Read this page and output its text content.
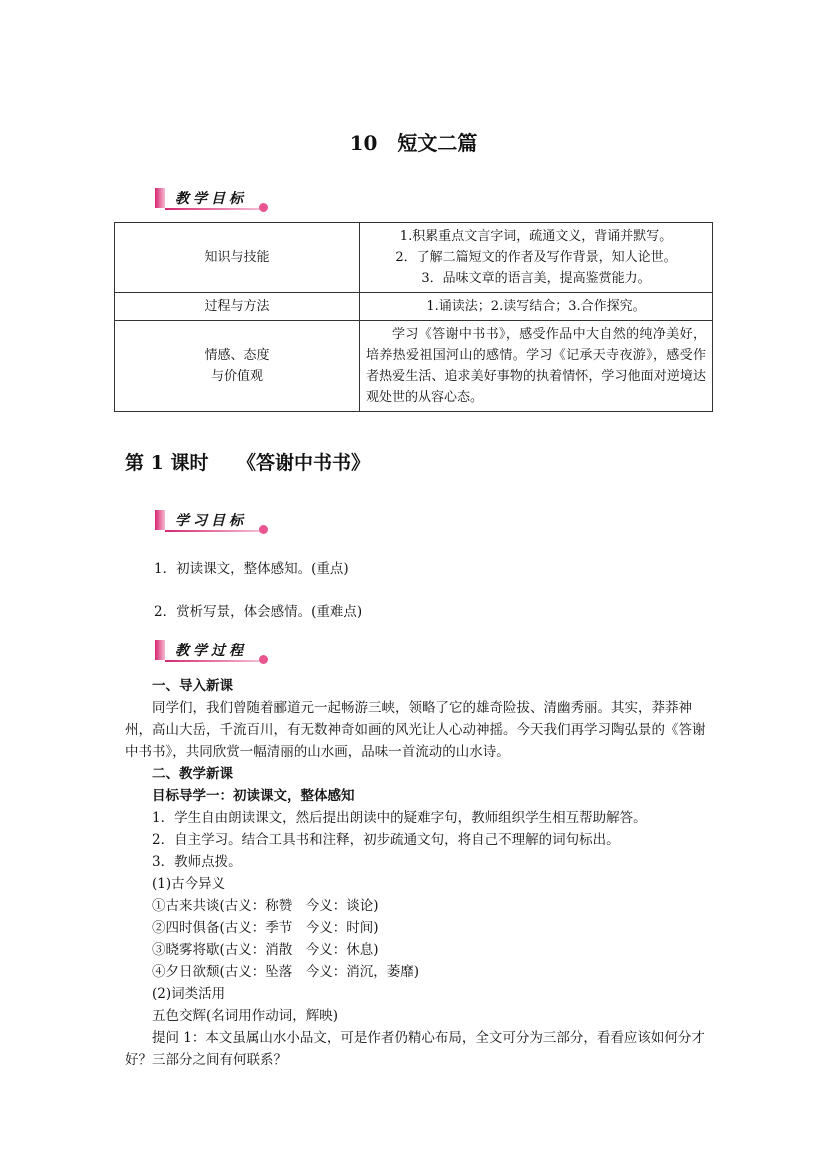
10　短文二篇
教学目标
知识与技能	1.积累重点文言字词，疏通文义，背诵并默写。
2．了解二篇短文的作者及写作背景，知人论世。
3．品味文章的语言美，提高鉴赏能力。

过程与方法	1.诵读法；2.读写结合；3.合作探究。

情感、态度
与价值观	学习《答谢中书书》，感受作品中大自然的纯净美好，培养热爱祖国河山的感情。学习《记承天寺夜游》，感受作者热爱生活、追求美好事物的执着情怀，学习他面对逆境达观处世的从容心态。
第 1 课时　　《答谢中书书》
学习目标
1．初读课文，整体感知。(重点)
2．赏析写景，体会感情。(重难点)
教学过程

一、导入新课

同学们，我们曾随着郦道元一起畅游三峡，领略了它的雄奇险拔、清幽秀丽。其实，莽莽神州，高山大岳，千流百川，有无数神奇如画的风光让人心动神摇。今天我们再学习陶弘景的《答谢中书书》，共同欣赏一幅清丽的山水画，品味一首流动的山水诗。

二、教学新课

目标导学一：初读课文，整体感知

1．学生自由朗读课文，然后提出朗读中的疑难字句，教师组织学生相互帮助解答。

2．自主学习。结合工具书和注释，初步疏通文句，将自己不理解的词句标出。

3．教师点拨。

(1)古今异义

①古来共谈(古义：称赞　今义：谈论)

②四时俱备(古义：季节　今义：时间)

③晓雾将歇(古义：消散　今义：休息)

④夕日欲颓(古义：坠落　今义：消沉，萎靡)

(2)词类活用

五色交辉(名词用作动词，辉映)

提问 1：本文虽属山水小品文，可是作者仍精心布局，全文可分为三部分，看看应该如何分才好？三部分之间有何联系？
